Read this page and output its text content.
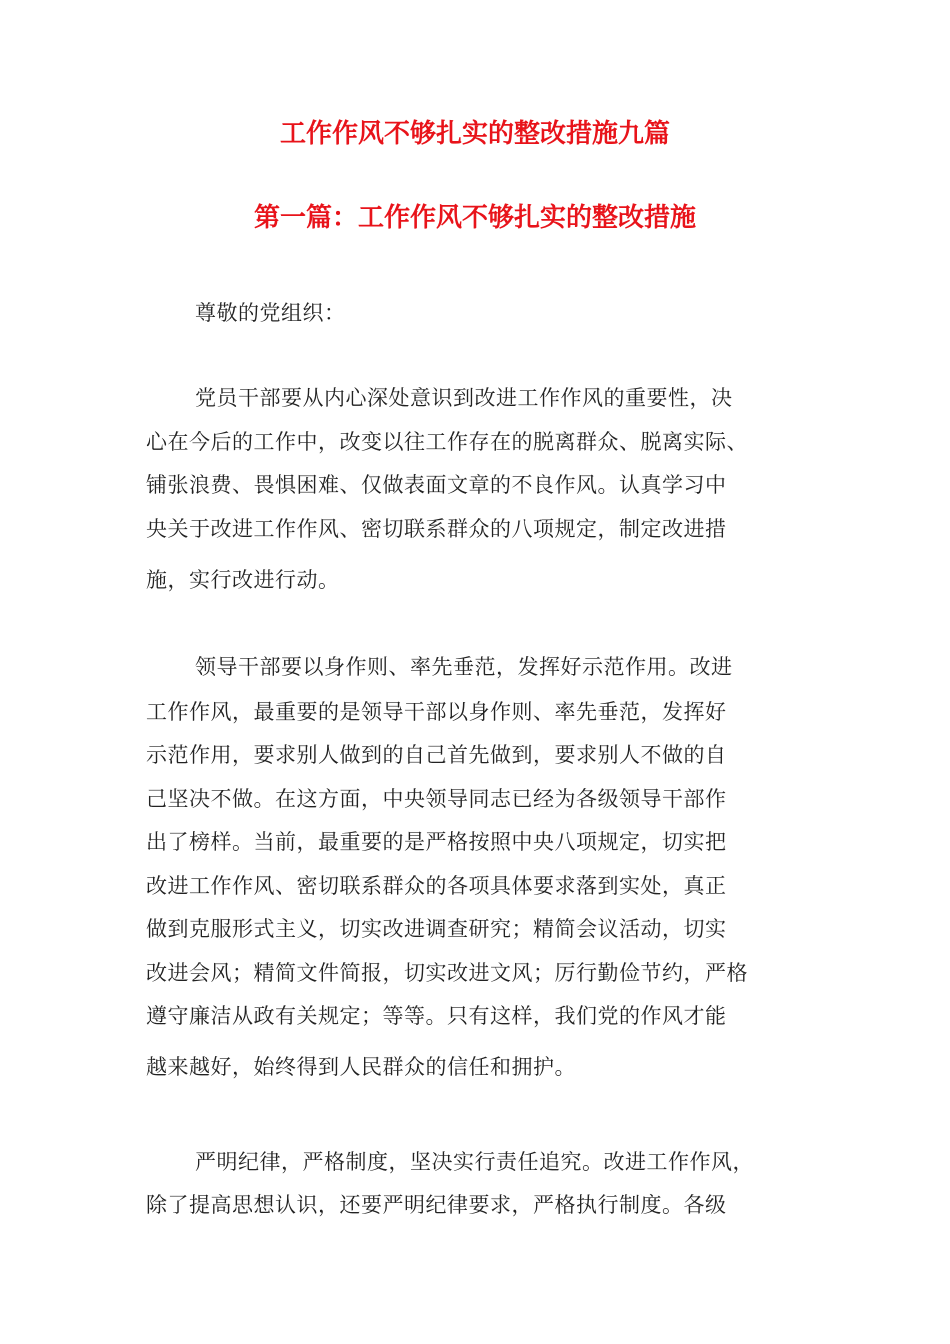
工作作风不够扎实的整改措施九篇
第一篇：工作作风不够扎实的整改措施
尊敬的党组织：
党员干部要从内心深处意识到改进工作作风的重要性，决
心在今后的工作中，改变以往工作存在的脱离群众、脱离实际、
铺张浪费、畏惧困难、仅做表面文章的不良作风。认真学习中
央关于改进工作作风、密切联系群众的八项规定，制定改进措
施，实行改进行动。
领导干部要以身作则、率先垂范，发挥好示范作用。改进
工作作风，最重要的是领导干部以身作则、率先垂范，发挥好
示范作用，要求别人做到的自己首先做到，要求别人不做的自
己坚决不做。在这方面，中央领导同志已经为各级领导干部作
出了榜样。当前，最重要的是严格按照中央八项规定，切实把
改进工作作风、密切联系群众的各项具体要求落到实处，真正
做到克服形式主义，切实改进调查研究；精简会议活动，切实
改进会风；精简文件简报，切实改进文风；厉行勤俭节约，严格
遵守廉洁从政有关规定；等等。只有这样，我们党的作风才能
越来越好，始终得到人民群众的信任和拥护。
严明纪律，严格制度，坚决实行责任追究。改进工作作风，
除了提高思想认识，还要严明纪律要求，严格执行制度。各级
